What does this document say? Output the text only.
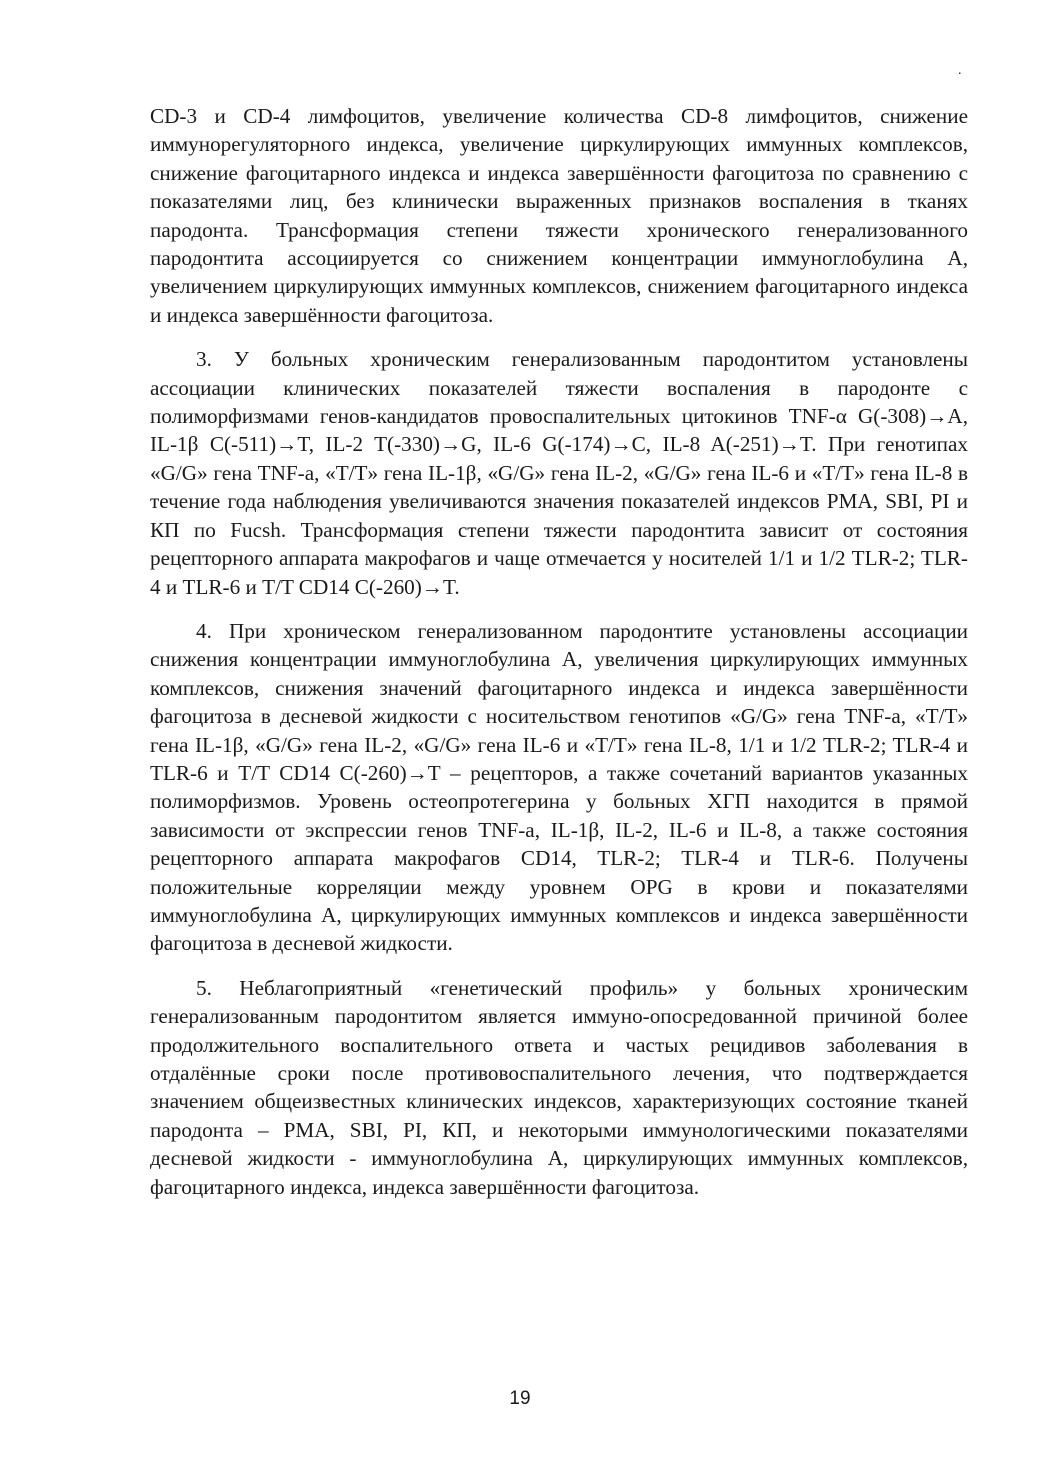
.

CD-3 и CD-4 лимфоцитов, увеличение количества CD-8 лимфоцитов, снижение иммунорегуляторного индекса, увеличение циркулирующих иммунных комплексов, снижение фагоцитарного индекса и индекса завершённости фагоцитоза по сравнению с показателями лиц, без клинически выраженных признаков воспаления в тканях пародонта. Трансформация степени тяжести хронического генерализованного пародонтита ассоциируется со снижением концентрации иммуноглобулина А, увеличением циркулирующих иммунных комплексов, снижением фагоцитарного индекса и индекса завершённости фагоцитоза.

3. У больных хроническим генерализованным пародонтитом установлены ассоциации клинических показателей тяжести воспаления в пародонте с полиморфизмами генов-кандидатов провоспалительных цитокинов TNF-α G(-308)→A, IL-1β C(-511)→T, IL-2 T(-330)→G, IL-6 G(-174)→C, IL-8 A(-251)→T. При генотипах «G/G» гена TNF-a, «T/T» гена IL-1β, «G/G» гена IL-2, «G/G» гена IL-6 и «T/T» гена IL-8 в течение года наблюдения увеличиваются значения показателей индексов PMA, SBI, PI и КП по Fucsh. Трансформация степени тяжести пародонтита зависит от состояния рецепторного аппарата макрофагов и чаще отмечается у носителей 1/1 и 1/2 TLR-2; TLR-4 и TLR-6 и T/T CD14 C(-260)→T.

4. При хроническом генерализованном пародонтите установлены ассоциации снижения концентрации иммуноглобулина А, увеличения циркулирующих иммунных комплексов, снижения значений фагоцитарного индекса и индекса завершённости фагоцитоза в десневой жидкости с носительством генотипов «G/G» гена TNF-a, «T/T» гена IL-1β, «G/G» гена IL-2, «G/G» гена IL-6 и «T/T» гена IL-8, 1/1 и 1/2 TLR-2; TLR-4 и TLR-6 и T/T CD14 C(-260)→T – рецепторов, а также сочетаний вариантов указанных полиморфизмов. Уровень остеопротегерина у больных ХГП находится в прямой зависимости от экспрессии генов TNF-a, IL-1β, IL-2, IL-6 и IL-8, а также состояния рецепторного аппарата макрофагов CD14, TLR-2; TLR-4 и TLR-6. Получены положительные корреляции между уровнем OPG в крови и показателями иммуноглобулина А, циркулирующих иммунных комплексов и индекса завершённости фагоцитоза в десневой жидкости.

5. Неблагоприятный «генетический профиль» у больных хроническим генерализованным пародонтитом является иммуно-опосредованной причиной более продолжительного воспалительного ответа и частых рецидивов заболевания в отдалённые сроки после противовоспалительного лечения, что подтверждается значением общеизвестных клинических индексов, характеризующих состояние тканей пародонта – PMA, SBI, PI, КП, и некоторыми иммунологическими показателями десневой жидкости - иммуноглобулина А, циркулирующих иммунных комплексов, фагоцитарного индекса, индекса завершённости фагоцитоза.

19
